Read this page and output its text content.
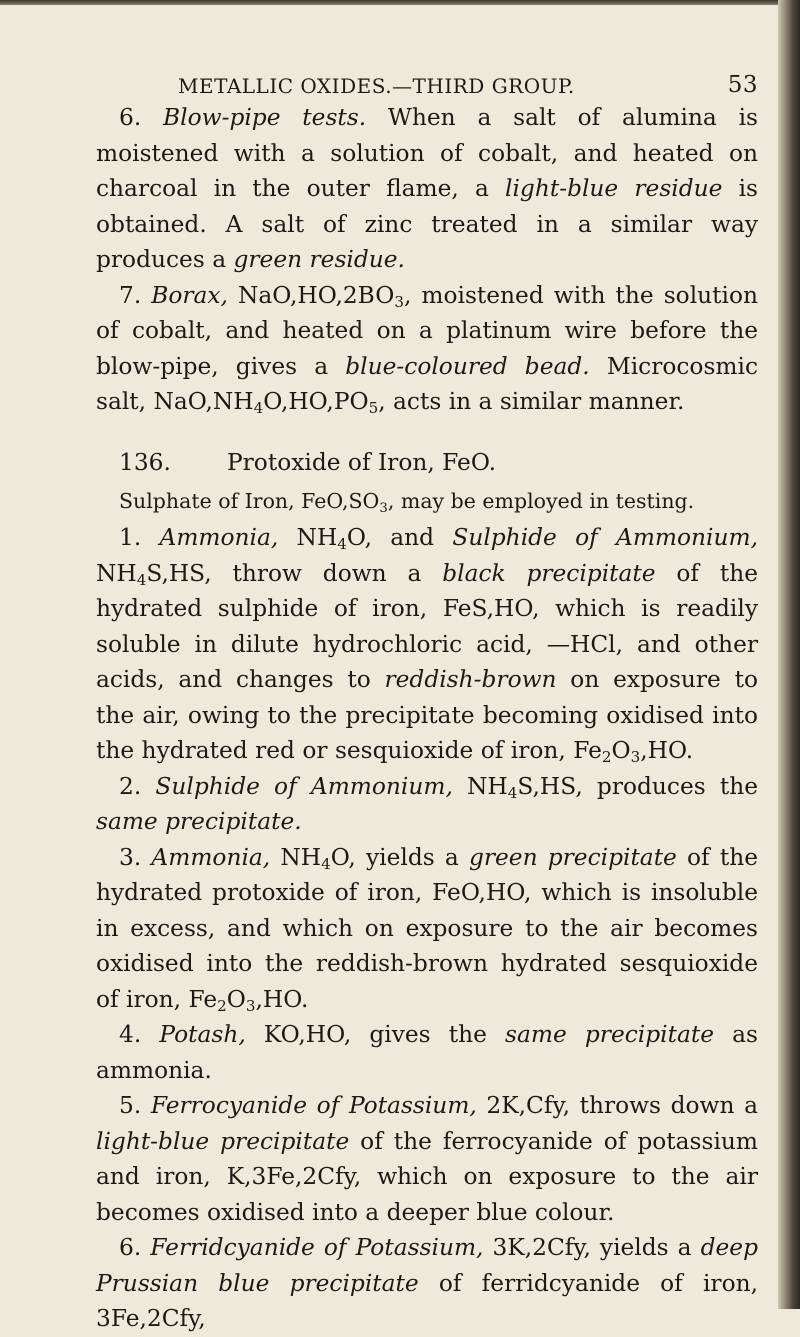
METALLIC OXIDES.—THIRD GROUP.	53

6. Blow-pipe tests. When a salt of alumina is moistened with a solution of cobalt, and heated on charcoal in the outer flame, a light-blue residue is obtained. A salt of zinc treated in a similar way produces a green residue.

7. Borax, $NaO,HO,2BO_3$, moistened with the solution of cobalt, and heated on a platinum wire before the blow-pipe, gives a blue-coloured bead. Microcosmic salt, $NaO,NH_4O,HO,PO_5$, acts in a similar manner.

136. Protoxide of Iron, FeO.
Sulphate of Iron, $FeO,SO_3$, may be employed in testing.

1. Ammonia, $NH_4O$, and Sulphide of Ammonium, $NH_4S,HS$, throw down a black precipitate of the hydrated sulphide of iron, FeS,HO, which is readily soluble in dilute hydrochloric acid, —HCl, and other acids, and changes to reddish-brown on exposure to the air, owing to the precipitate becoming oxidised into the hydrated red or sesquioxide of iron, $Fe_2O_3,HO$.

2. Sulphide of Ammonium, $NH_4S,HS$, produces the same precipitate.

3. Ammonia, $NH_4O$, yields a green precipitate of the hydrated protoxide of iron, FeO,HO, which is insoluble in excess, and which on exposure to the air becomes oxidised into the reddish-brown hydrated sesquioxide of iron, $Fe_2O_3,HO$.

4. Potash, KO,HO, gives the same precipitate as ammonia.

5. Ferrocyanide of Potassium, 2K,Cfy, throws down a light-blue precipitate of the ferrocyanide of potassium and iron, K,3Fe,2Cfy, which on exposure to the air becomes oxidised into a deeper blue colour.

6. Ferridcyanide of Potassium, 3K,2Cfy, yields a deep Prussian blue precipitate of ferridcyanide of iron, 3Fe,2Cfy,
